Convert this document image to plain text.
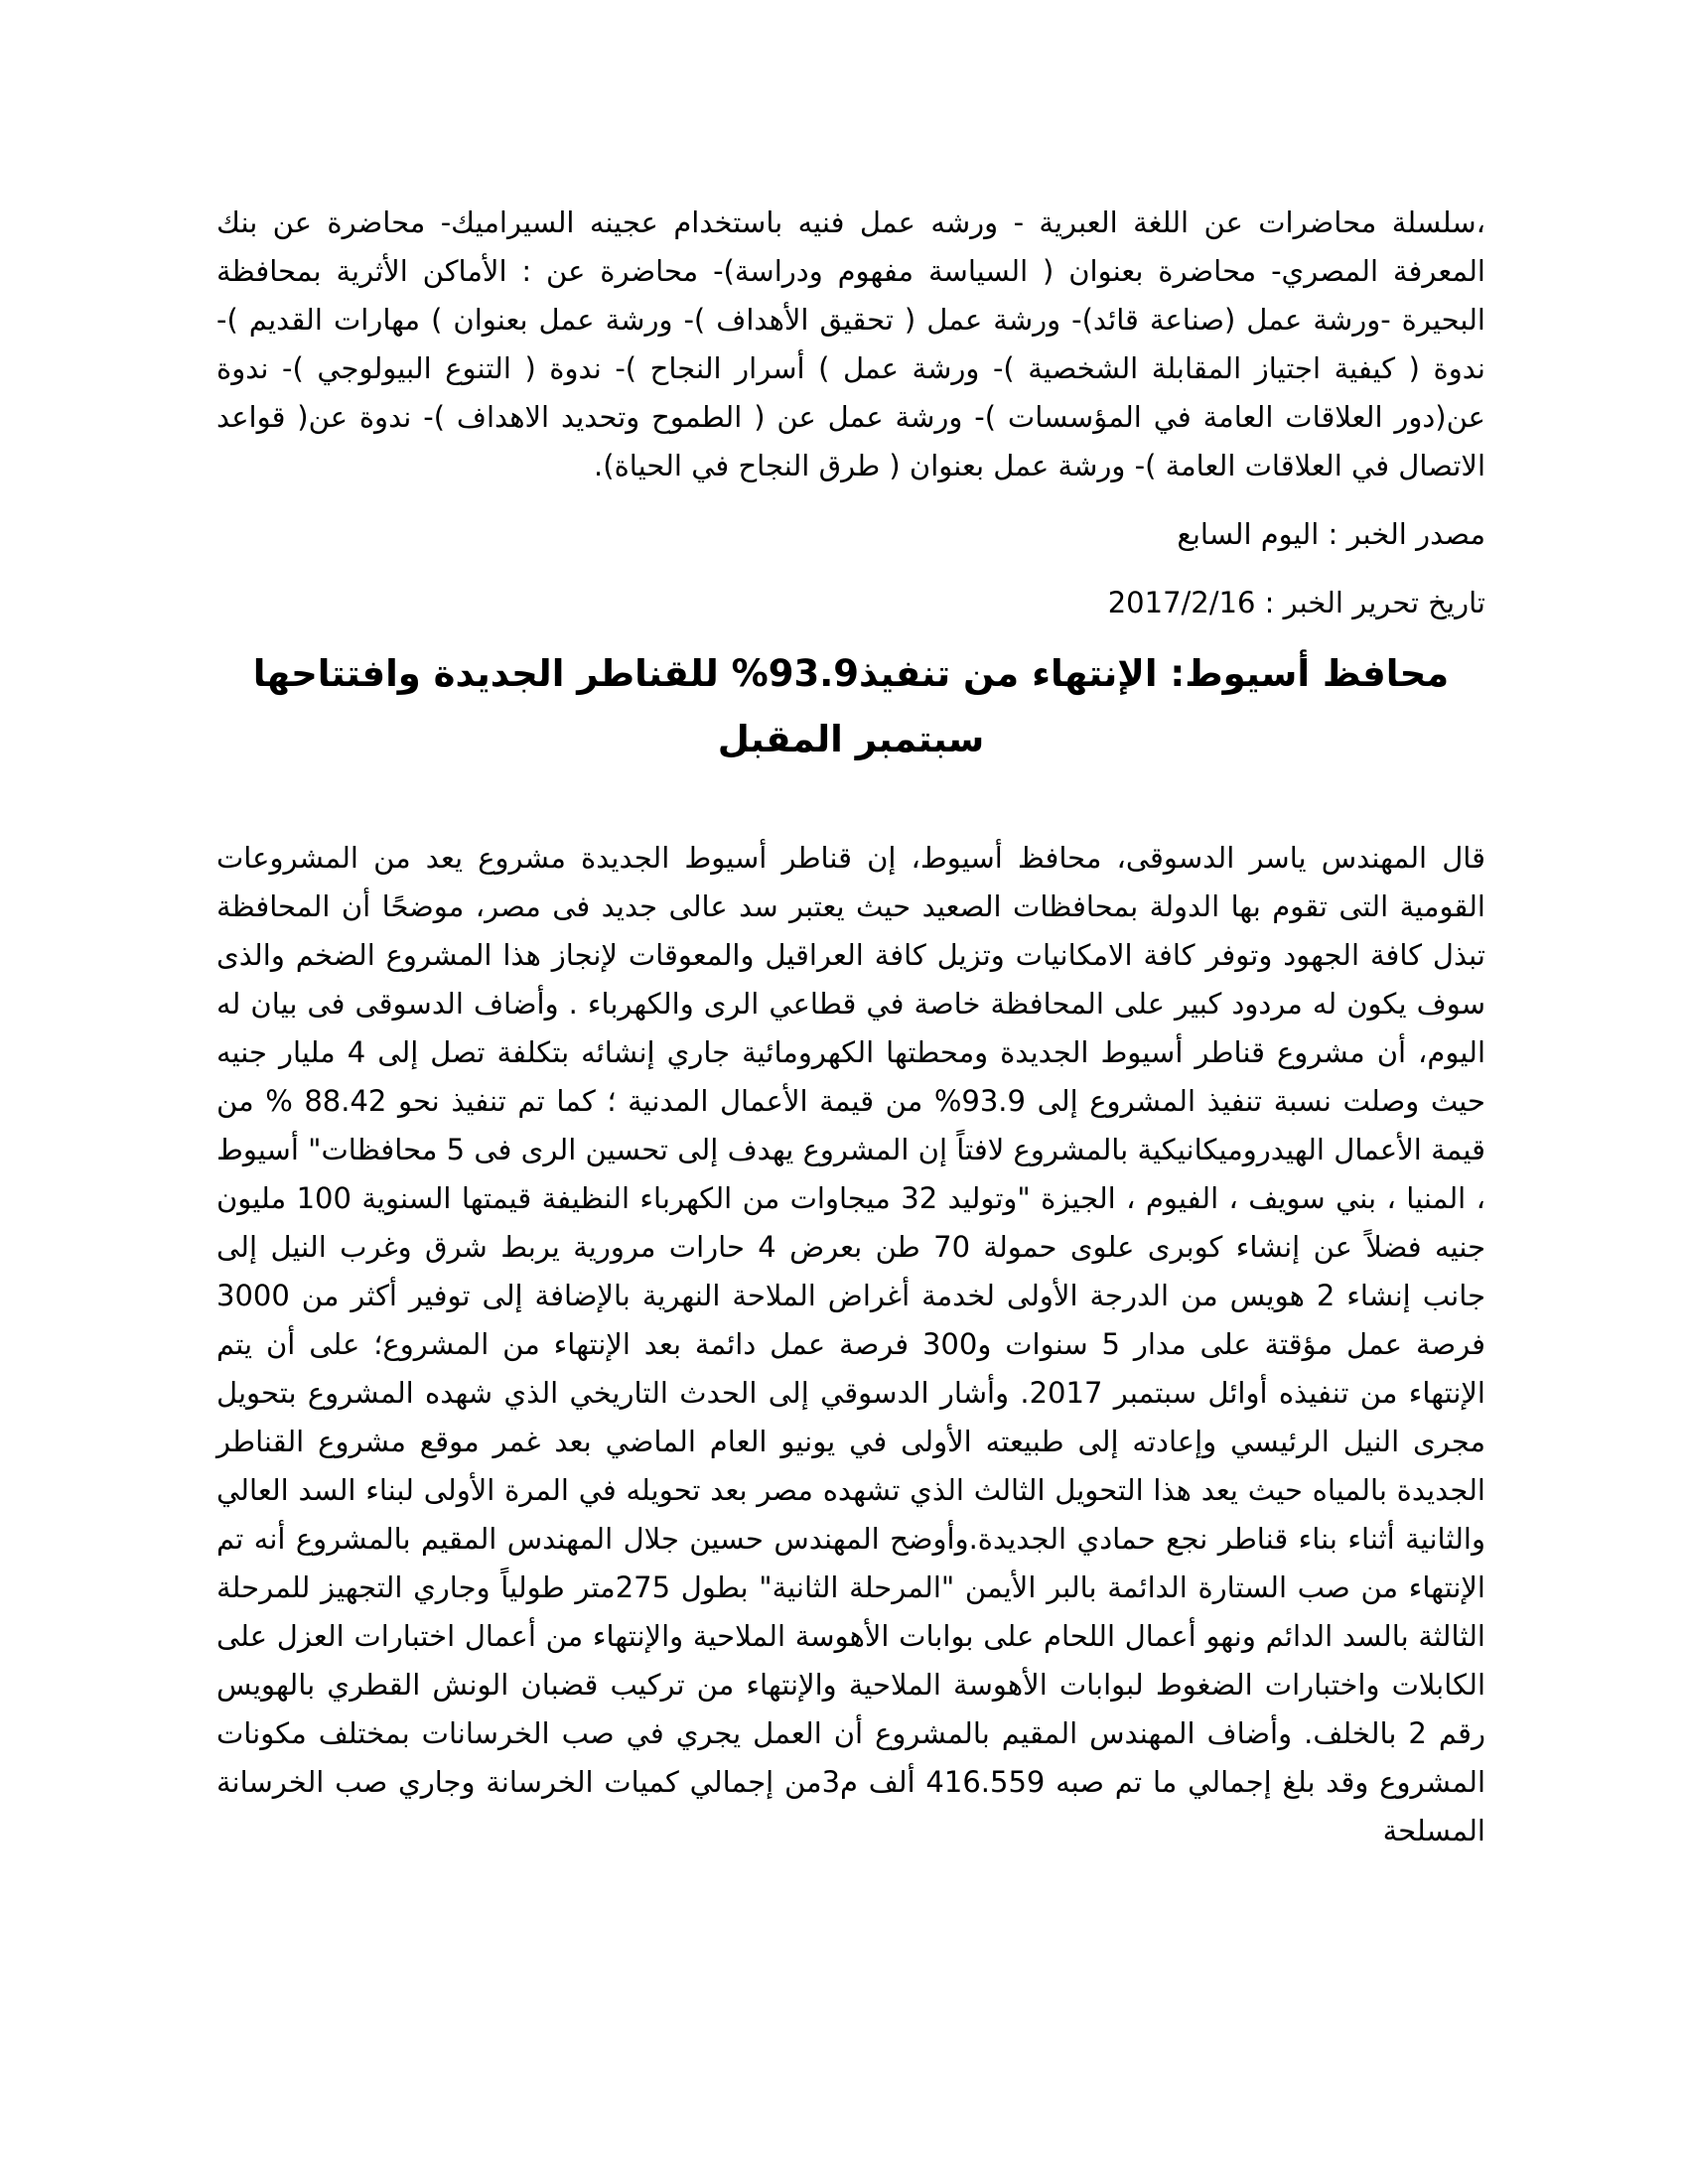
،سلسلة محاضرات عن اللغة العبرية - ورشه عمل فنيه باستخدام عجينه السيراميك- محاضرة عن بنك المعرفة المصري- محاضرة بعنوان ( السياسة مفهوم ودراسة)- محاضرة عن : الأماكن الأثرية بمحافظة البحيرة -ورشة عمل (صناعة قائد)- ورشة عمل ( تحقيق الأهداف )- ورشة عمل بعنوان ) مهارات القديم )- ندوة ( كيفية اجتياز المقابلة الشخصية )- ورشة عمل ) أسرار النجاح )- ندوة ( التنوع البيولوجي )- ندوة عن(دور العلاقات العامة في المؤسسات )- ورشة عمل عن ( الطموح وتحديد الاهداف )- ندوة عن( قواعد الاتصال في العلاقات العامة )- ورشة عمل بعنوان ( طرق النجاح في الحياة).

مصدر الخبر : اليوم السابع

تاريخ تحرير الخبر : 2017/2/16

محافظ أسيوط: الإنتهاء من تنفيذ93.9% للقناطر الجديدة وافتتاحها سبتمبر المقبل

قال المهندس ياسر الدسوقى، محافظ أسيوط، إن قناطر أسيوط الجديدة مشروع يعد من المشروعات القومية التى تقوم بها الدولة بمحافظات الصعيد حيث يعتبر سد عالى جديد فى مصر، موضحًا أن المحافظة تبذل كافة الجهود وتوفر كافة الامكانيات وتزيل كافة العراقيل والمعوقات لإنجاز هذا المشروع الضخم والذى سوف يكون له مردود كبير على المحافظة خاصة في قطاعي الرى والكهرباء . وأضاف الدسوقى فى بيان له اليوم، أن مشروع قناطر أسيوط الجديدة ومحطتها الكهرومائية جاري إنشائه بتكلفة تصل إلى 4 مليار جنيه حيث وصلت نسبة تنفيذ المشروع إلى 93.9% من قيمة الأعمال المدنية ؛ كما تم تنفيذ نحو 88.42 % من قيمة الأعمال الهيدروميكانيكية بالمشروع لافتاً إن المشروع يهدف إلى تحسين الرى فى 5 محافظات" أسيوط ، المنيا ، بني سويف ، الفيوم ، الجيزة "وتوليد 32 ميجاوات من الكهرباء النظيفة قيمتها السنوية 100 مليون جنيه فضلاً عن إنشاء كوبرى علوى حمولة 70 طن بعرض 4 حارات مرورية يربط شرق وغرب النيل إلى جانب إنشاء 2 هويس من الدرجة الأولى لخدمة أغراض الملاحة النهرية بالإضافة إلى توفير أكثر من 3000 فرصة عمل مؤقتة على مدار 5 سنوات و300 فرصة عمل دائمة بعد الإنتهاء من المشروع؛ على أن يتم الإنتهاء من تنفيذه أوائل سبتمبر 2017. وأشار الدسوقي إلى الحدث التاريخي الذي شهده المشروع بتحويل مجرى النيل الرئيسي وإعادته إلى طبيعته الأولى في يونيو العام الماضي بعد غمر موقع مشروع القناطر الجديدة بالمياه حيث يعد هذا التحويل الثالث الذي تشهده مصر بعد تحويله في المرة الأولى لبناء السد العالي والثانية أثناء بناء قناطر نجع حمادي الجديدة.وأوضح المهندس حسين جلال المهندس المقيم بالمشروع أنه تم الإنتهاء من صب الستارة الدائمة بالبر الأيمن "المرحلة الثانية" بطول 275متر طولياً وجاري التجهيز للمرحلة الثالثة بالسد الدائم ونهو أعمال اللحام على بوابات الأهوسة الملاحية والإنتهاء من أعمال اختبارات العزل على الكابلات واختبارات الضغوط لبوابات الأهوسة الملاحية والإنتهاء من تركيب قضبان الونش القطري بالهويس رقم 2 بالخلف. وأضاف المهندس المقيم بالمشروع أن العمل يجري في صب الخرسانات بمختلف مكونات المشروع وقد بلغ إجمالي ما تم صبه 416.559 ألف م3من إجمالي كميات الخرسانة وجاري صب الخرسانة المسلحة
